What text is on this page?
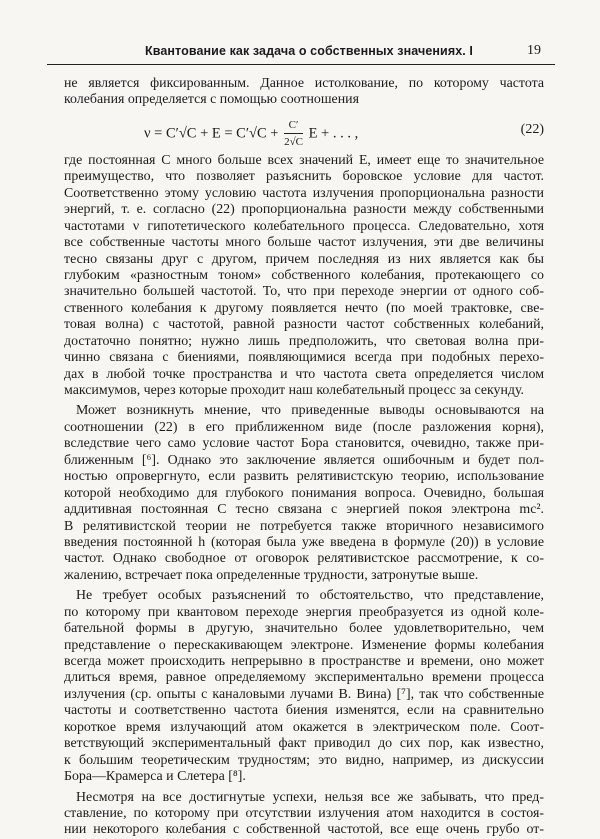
Квантование как задача о собственных значениях. I	19
не является фиксированным. Данное истолкование, по которому частота
колебания определяется с помощью соотношения
$\nu = C'√C + E = C'√C + \frac{C'}{2√C}$ E + . . . ,	(22)
где постоянная C много больше всех значений E, имеет еще то значительное
преимущество, что позволяет разъяснить боровское условие для частот.
Соответственно этому условию частота излучения пропорциональна разности
энергий, т. е. согласно (22) пропорциональна разности между собственными
частотами ν гипотетического колебательного процесса. Следовательно, хотя
все собственные частоты много больше частот излучения, эти две величины
тесно связаны друг с другом, причем последняя из них является как бы
глубоким «разностным тоном» собственного колебания, протекающего со
значительно большей частотой. То, что при переходе энергии от одного соб-
ственного колебания к другому появляется нечто (по моей трактовке, све-
товая волна) с частотой, равной разности частот собственных колебаний,
достаточно понятно; нужно лишь предположить, что световая волна при-
чинно связана с биениями, появляющимися всегда при подобных перехо-
дах в любой точке пространства и что частота света определяется числом
максимумов, через которые проходит наш колебательный процесс за секунду.
Может возникнуть мнение, что приведенные выводы основываются на
соотношении (22) в его приближенном виде (после разложения корня),
вследствие чего само условие частот Бора становится, очевидно, также при-
ближенным [⁶]. Однако это заключение является ошибочным и будет пол-
ностью опровергнуто, если развить релятивистскую теорию, использование
которой необходимо для глубокого понимания вопроса. Очевидно, большая
аддитивная постоянная C тесно связана с энергией покоя электрона mc².
В релятивистской теории не потребуется также вторичного независимого
введения постоянной h (которая была уже введена в формуле (20)) в условие
частот. Однако свободное от оговорок релятивистское рассмотрение, к со-
жалению, встречает пока определенные трудности, затронутые выше.
Не требует особых разъяснений то обстоятельство, что представление,
по которому при квантовом переходе энергия преобразуется из одной коле-
бательной формы в другую, значительно более удовлетворительно, чем
представление о перескакивающем электроне. Изменение формы колебания
всегда может происходить непрерывно в пространстве и времени, оно может
длиться время, равное определяемому экспериментально времени процесса
излучения (ср. опыты с каналовыми лучами В. Вина) [⁷], так что собственные
частоты и соответственно частота биения изменятся, если на сравнительно
короткое время излучающий атом окажется в электрическом поле. Соот-
ветствующий экспериментальный факт приводил до сих пор, как известно,
к большим теоретическим трудностям; это видно, например, из дискуссии
Бора—Крамерса и Слетера [⁸].
Несмотря на все достигнутые успехи, нельзя все же забывать, что пред-
ставление, по которому при отсутствии излучения атом находится в состоя-
нии некоторого колебания с собственной частотой, все еще очень грубо от-
